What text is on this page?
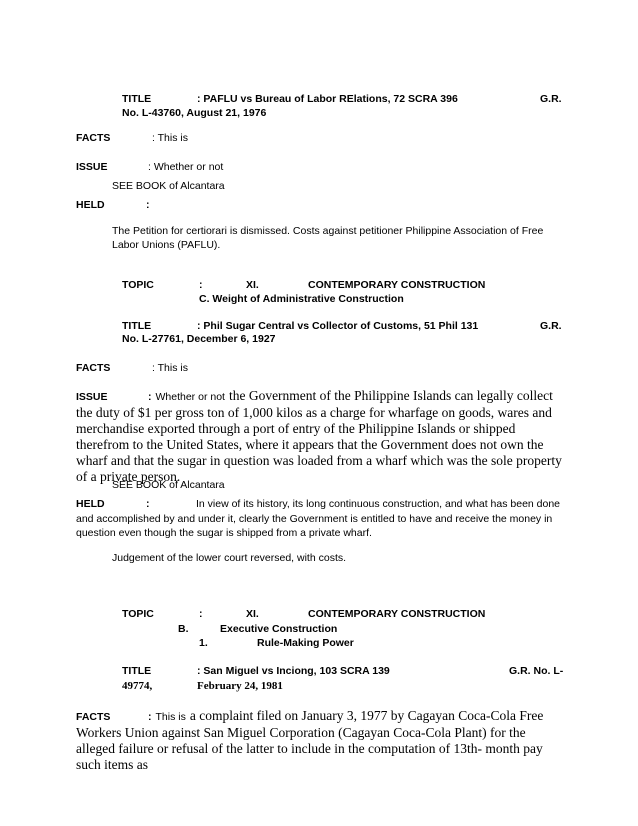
TITLE	: PAFLU vs Bureau of Labor RElations, 72 SCRA 396	G.R.
No. L-43760, August 21, 1976
FACTS	: This is
ISSUE	: Whether or not
SEE BOOK of Alcantara
HELD	:
The Petition for certiorari is dismissed. Costs against petitioner Philippine Association of Free Labor Unions (PAFLU).
TOPIC	:	XI.	CONTEMPORARY CONSTRUCTION
C. Weight of Administrative Construction
TITLE	: Phil Sugar Central vs Collector of Customs, 51 Phil 131	G.R.
No. L-27761, December 6, 1927
FACTS	: This is
ISSUE	: Whether or not the Government of the Philippine Islands can legally collect the duty of $1 per gross ton of 1,000 kilos as a charge for wharfage on goods, wares and merchandise exported through a port of entry of the Philippine Islands or shipped therefrom to the United States, where it appears that the Government does not own the wharf and that the sugar in question was loaded from a wharf which was the sole property of a private person.
SEE BOOK of Alcantara
HELD	:	In view of its history, its long continuous construction, and what has been done and accomplished by and under it, clearly the Government is entitled to have and receive the money in question even though the sugar is shipped from a private wharf.
Judgement of the lower court reversed, with costs.
TOPIC	:	XI.	CONTEMPORARY CONSTRUCTION
B.	Executive Construction
1.	Rule-Making Power
TITLE	: San Miguel vs Inciong, 103 SCRA 139	G.R. No. L-
49774,	February 24, 1981
FACTS	: This is a complaint filed on January 3, 1977 by Cagayan Coca-Cola Free Workers Union against San Miguel Corporation (Cagayan Coca-Cola Plant) for the alleged failure or refusal of the latter to include in the computation of 13th- month pay such items as
